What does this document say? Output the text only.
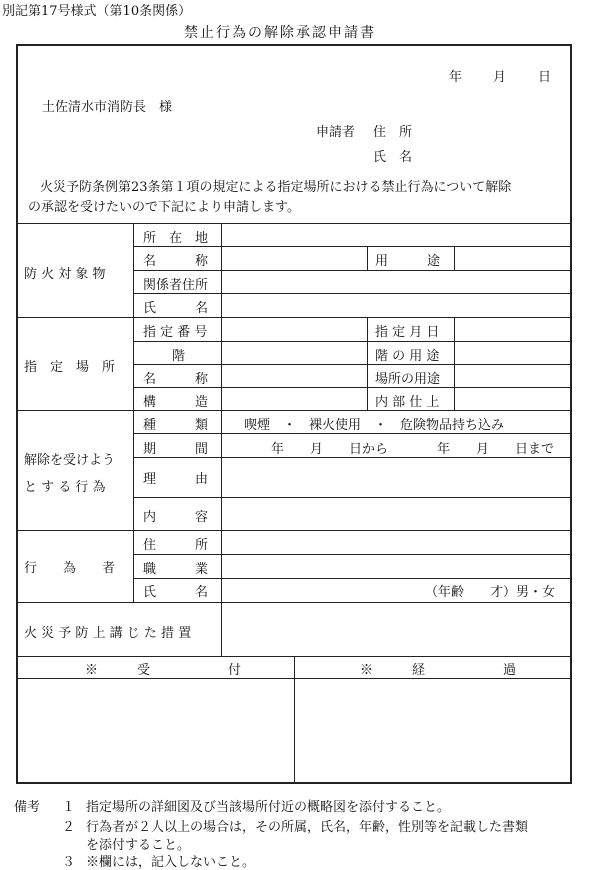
別記第17号様式（第10条関係）
禁止行為の解除承認申請書
年 月 日
土佐清水市消防長　様
申請者 住　所
氏　名
火災予防条例第23条第１項の規定による指定場所における禁止行為について解除
の承認を受けたいので下記により申請します。
防 火 対 象 物
所　在　地
名　　　称	用　　　途
関係者住所
氏　　　名
指　定　場　所
指 定 番 号	指 定 月 日
階	階 の 用 途
名　　　称	場所の用途
構　　　造	内 部 仕 上
解除を受けよう
と す る 行 為
種　　　類	喫煙　・　裸火使用　・　危険物品持ち込み
期　　　間	年　　月　　日から	年　　月　　日まで
理　　　由
内　　　容
行　　為　　者
住　　　所
職　　　業
氏　　　名	（年齢　　才）男・女
火 災 予 防 上 講 じ た 措 置
※　　　受　　　　　　付	※　　　経　　　　　　過
備考 １ 指定場所の詳細図及び当該場所付近の概略図を添付すること。
２ 行為者が２人以上の場合は，その所属，氏名，年齢，性別等を記載した書類
を添付すること。
３ ※欄には，記入しないこと。
